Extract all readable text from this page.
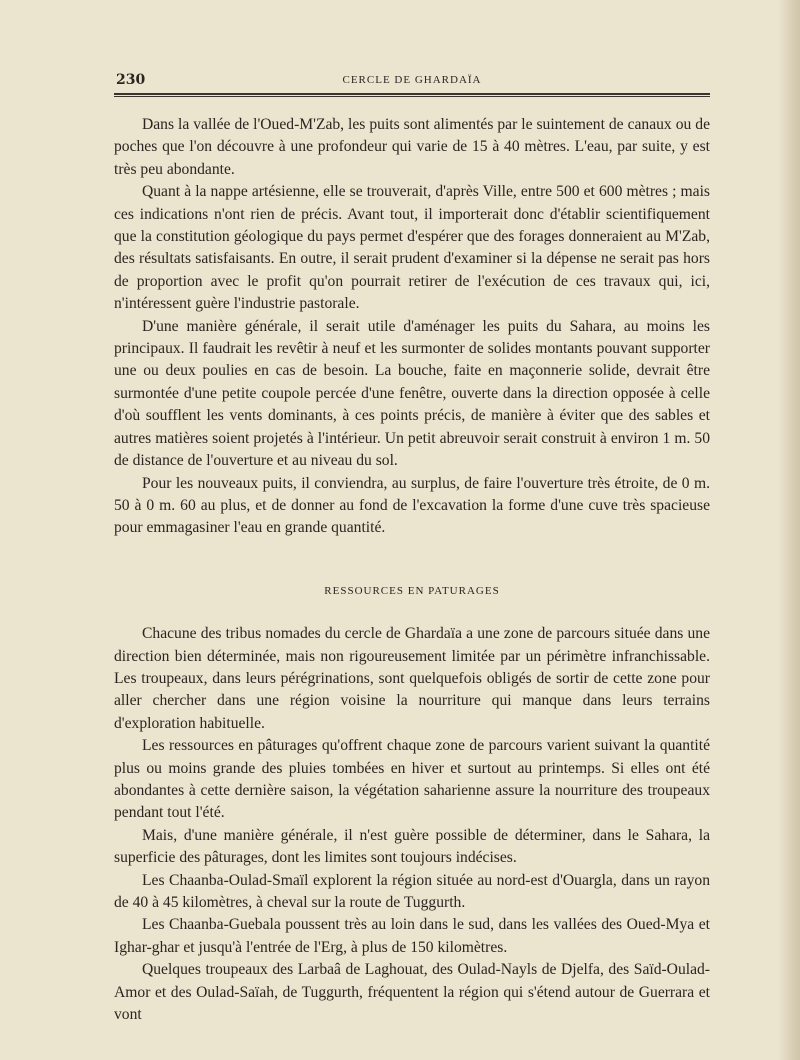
230	CERCLE DE GHARDAÏA

Dans la vallée de l'Oued-M'Zab, les puits sont alimentés par le suintement de canaux ou de poches que l'on découvre à une profondeur qui varie de 15 à 40 mètres. L'eau, par suite, y est très peu abondante.

Quant à la nappe artésienne, elle se trouverait, d'après Ville, entre 500 et 600 mètres ; mais ces indications n'ont rien de précis. Avant tout, il importerait donc d'établir scientifiquement que la constitution géologique du pays permet d'espérer que des forages donneraient au M'Zab, des résultats satisfaisants. En outre, il serait prudent d'examiner si la dépense ne serait pas hors de proportion avec le profit qu'on pourrait retirer de l'exécution de ces travaux qui, ici, n'intéressent guère l'industrie pastorale.

D'une manière générale, il serait utile d'aménager les puits du Sahara, au moins les principaux. Il faudrait les revêtir à neuf et les surmonter de solides montants pouvant supporter une ou deux poulies en cas de besoin. La bouche, faite en maçonnerie solide, devrait être surmontée d'une petite coupole percée d'une fenêtre, ouverte dans la direction opposée à celle d'où soufflent les vents dominants, à ces points précis, de manière à éviter que des sables et autres matières soient projetés à l'intérieur. Un petit abreuvoir serait construit à environ 1 m. 50 de distance de l'ouverture et au niveau du sol.

Pour les nouveaux puits, il conviendra, au surplus, de faire l'ouverture très étroite, de 0 m. 50 à 0 m. 60 au plus, et de donner au fond de l'excavation la forme d'une cuve très spacieuse pour emmagasiner l'eau en grande quantité.

RESSOURCES EN PATURAGES

Chacune des tribus nomades du cercle de Ghardaïa a une zone de parcours située dans une direction bien déterminée, mais non rigoureusement limitée par un périmètre infranchissable. Les troupeaux, dans leurs pérégrinations, sont quelquefois obligés de sortir de cette zone pour aller chercher dans une région voisine la nourriture qui manque dans leurs terrains d'exploration habituelle.

Les ressources en pâturages qu'offrent chaque zone de parcours varient suivant la quantité plus ou moins grande des pluies tombées en hiver et surtout au printemps. Si elles ont été abondantes à cette dernière saison, la végétation saharienne assure la nourriture des troupeaux pendant tout l'été.

Mais, d'une manière générale, il n'est guère possible de déterminer, dans le Sahara, la superficie des pâturages, dont les limites sont toujours indécises.

Les Chaanba-Oulad-Smaïl explorent la région située au nord-est d'Ouargla, dans un rayon de 40 à 45 kilomètres, à cheval sur la route de Tuggurth.

Les Chaanba-Guebala poussent très au loin dans le sud, dans les vallées des Oued-Mya et Ighar-ghar et jusqu'à l'entrée de l'Erg, à plus de 150 kilomètres.

Quelques troupeaux des Larbaâ de Laghouat, des Oulad-Nayls de Djelfa, des Saïd-Oulad-Amor et des Oulad-Saïah, de Tuggurth, fréquentent la région qui s'étend autour de Guerrara et vont
